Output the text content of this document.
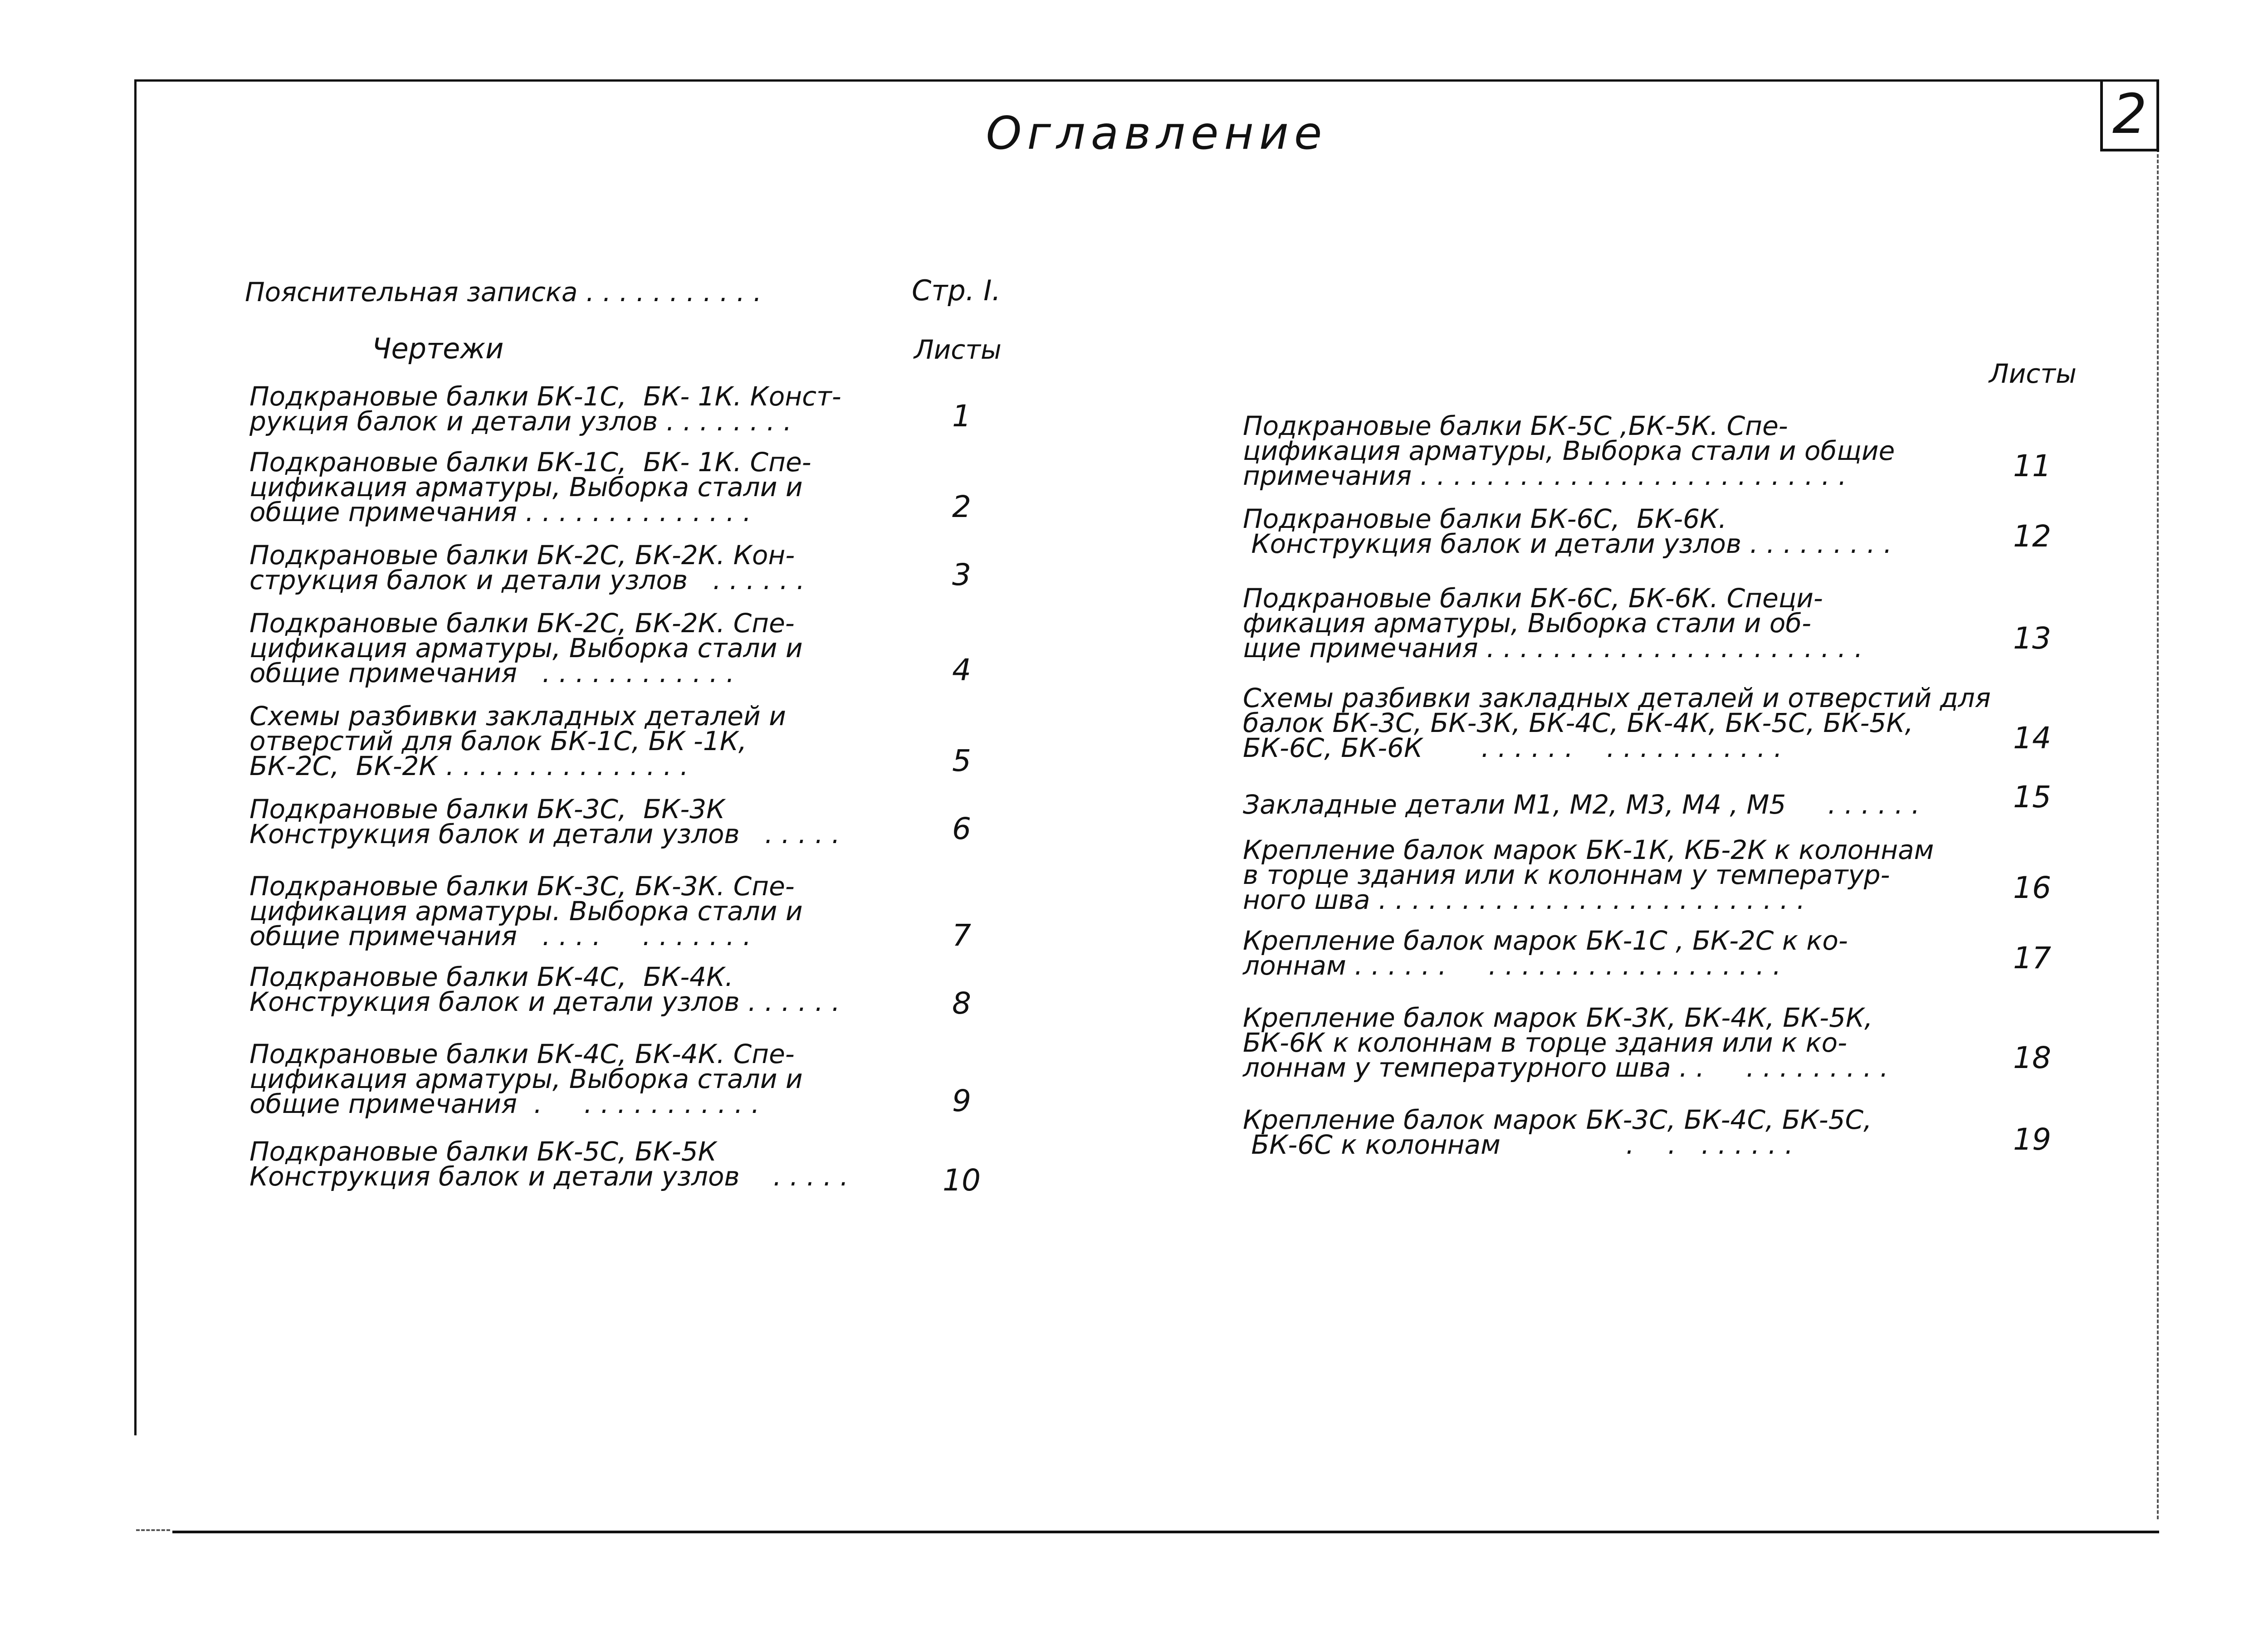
2
Оглавление
Пояснительная записка . . . . . . . . . . .	Стр. I.
Чертежи	Листы
Листы
Подкрановые балки БК-1С,  БК- 1К. Конст-
рукция балок и детали узлов . . . . . . . .	1
Подкрановые балки БК-1С,  БК- 1К. Спе-
цификация арматуры, Выборка стали и
общие примечания . . . . . . . . . . . . . .	2
Подкрановые балки БК-2С, БК-2К. Кон-
струкция балок и детали узлов   . . . . . .	3
Подкрановые балки БК-2С, БК-2К. Спе-
цификация арматуры, Выборка стали и
общие примечания   . . . . . . . . . . . .	4
Схемы разбивки закладных деталей и
отверстий для балок БК-1С, БК -1К,
БК-2С,  БК-2К . . . . . . . . . . . . . . .	5
Подкрановые балки БК-3С,  БК-3К
Конструкция балок и детали узлов   . . . . .	6
Подкрановые балки БК-3С, БК-3К. Спе-
цификация арматуры. Выборка стали и
общие примечания   . . . .     . . . . . . .	7
Подкрановые балки БК-4С,  БК-4К.
Конструкция балок и детали узлов . . . . . .	8
Подкрановые балки БК-4С, БК-4К. Спе-
цификация арматуры, Выборка стали и
общие примечания  .     . . . . . . . . . . .	9
Подкрановые балки БК-5С, БК-5К
Конструкция балок и детали узлов    . . . . .	10
Подкрановые балки БК-5С ,БК-5К. Спе-
цификация арматуры, Выборка стали и общие
примечания . . . . . . . . . . . . . . . . . . . . . . . . . .	11
Подкрановые балки БК-6С,  БК-6К.
Конструкция балок и детали узлов . . . . . . . . .	12
Подкрановые балки БК-6С, БК-6К. Специ-
фикация арматуры, Выборка стали и об-
щие примечания . . . . . . . . . . . . . . . . . . . . . . .	13
Схемы разбивки закладных деталей и отверстий для
балок БК-3С, БК-3К, БК-4С, БК-4К, БК-5С, БК-5К,
БК-6С, БК-6К       . . . . . .    . . . . . . . . . . .	14
Закладные детали М1, М2, М3, М4 , М5     . . . . . .	15
Крепление балок марок БК-1К, КБ-2К к колоннам
в торце здания или к колоннам у температур-
ного шва . . . . . . . . . . . . . . . . . . . . . . . . . .	16
Крепление балок марок БК-1С , БК-2С к ко-
лоннам . . . . . .     . . . . . . . . . . . . . . . . . .	17
Крепление балок марок БК-3К, БК-4К, БК-5К,
БК-6К к колоннам в торце здания или к ко-
лоннам у температурного шва . .     . . . . . . . . .	18
Крепление балок марок БК-3С, БК-4С, БК-5С,
БК-6С к колоннам               .    .   . . . . . .	19
